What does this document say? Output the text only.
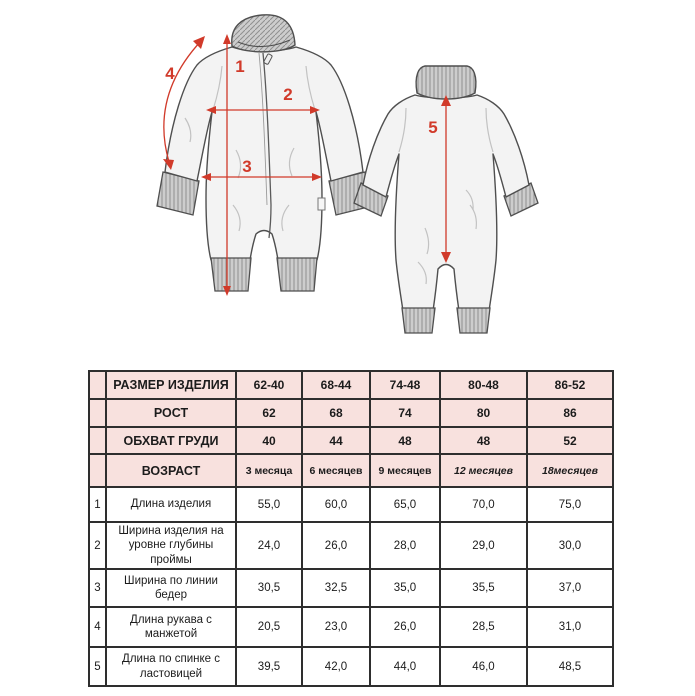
1
2
3
4
5
	РАЗМЕР ИЗДЕЛИЯ	62-40	68-44	74-48	80-48	86-52
	РОСТ	62	68	74	80	86
	ОБХВАТ ГРУДИ	40	44	48	48	52
	ВОЗРАСТ	3 месяца	6 месяцев	9 месяцев	12 месяцев	18месяцев
1	Длина изделия	55,0	60,0	65,0	70,0	75,0
2	Ширина изделия на уровне глубины проймы	24,0	26,0	28,0	29,0	30,0
3	Ширина по линии бедер	30,5	32,5	35,0	35,5	37,0
4	Длина рукава с манжетой	20,5	23,0	26,0	28,5	31,0
5	Длина по спинке с ластовицей	39,5	42,0	44,0	46,0	48,5
